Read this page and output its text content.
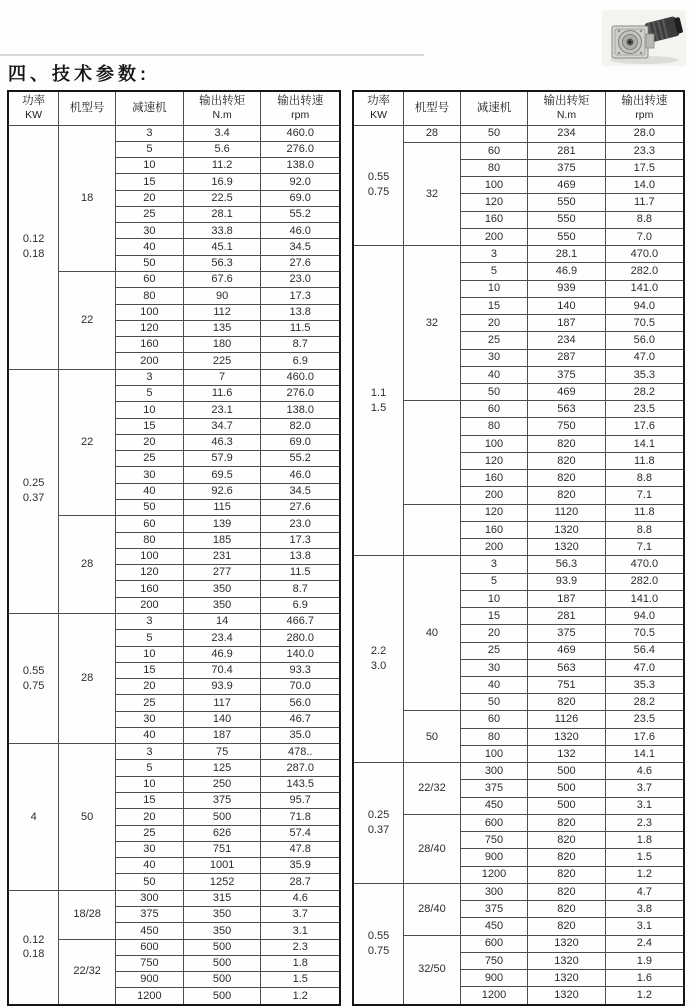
四、技术参数:
功率
KW

机型号	减速机

输出转矩
N.m

输出转速
rpm

0.12
0.18	18	3	3.4	460.0
		5	5.6	276.0
		10	11.2	138.0
		15	16.9	92.0
		20	22.5	69.0
		25	28.1	55.2
		30	33.8	46.0
		40	45.1	34.5
		50	56.3	27.6
	22	60	67.6	23.0
		80	90	17.3
		100	112	13.8
		120	135	11.5
		160	180	8.7
		200	225	6.9

0.25
0.37	22	3	7	460.0
		5	11.6	276.0
		10	23.1	138.0
		15	34.7	82.0
		20	46.3	69.0
		25	57.9	55.2
		30	69.5	46.0
		40	92.6	34.5
		50	115	27.6
	28	60	139	23.0
		80	185	17.3
		100	231	13.8
		120	277	11.5
		160	350	8.7
		200	350	6.9

0.55
0.75	28	3	14	466.7
		5	23.4	280.0
		10	46.9	140.0
		15	70.4	93.3
		20	93.9	70.0
		25	117	56.0
		30	140	46.7
		40	187	35.0

4	50	3	75	478..
		5	125	287.0
		10	250	143.5
		15	375	95.7
		20	500	71.8
		25	626	57.4
		30	751	47.8
		40	1001	35.9
		50	1252	28.7

0.12
0.18	18/28	300	315	4.6
		375	350	3.7
		450	350	3.1
	22/32	600	500	2.3
		750	500	1.8
		900	500	1.5
		1200	500	1.2
功率
KW

机型号	减速机

输出转矩
N.m

输出转速
rpm

0.55
0.75	28	50	234	28.0
	32	60	281	23.3
		80	375	17.5
		100	469	14.0
		120	550	11.7
		160	550	8.8
		200	550	7.0

1.1
1.5	32	3	28.1	470.0
		5	46.9	282.0
		10	939	141.0
		15	140	94.0
		20	187	70.5
		25	234	56.0
		30	287	47.0
		40	375	35.3
		50	469	28.2
		60	563	23.5
		80	750	17.6
		100	820	14.1
		120	820	11.8
		160	820	8.8
		200	820	7.1
		120	1120	11.8
		160	1320	8.8
		200	1320	7.1

2.2
3.0	40	3	56.3	470.0
		5	93.9	282.0
		10	187	141.0
		15	281	94.0
		20	375	70.5
		25	469	56.4
		30	563	47.0
		40	751	35.3
		50	820	28.2
	50	60	1126	23.5
		80	1320	17.6
		100	132	14.1

0.25
0.37	22/32	300	500	4.6
		375	500	3.7
		450	500	3.1
	28/40	600	820	2.3
		750	820	1.8
		900	820	1.5
		1200	820	1.2

0.55
0.75	28/40	300	820	4.7
		375	820	3.8
		450	820	3.1
	32/50	600	1320	2.4
		750	1320	1.9
		900	1320	1.6
		1200	1320	1.2
